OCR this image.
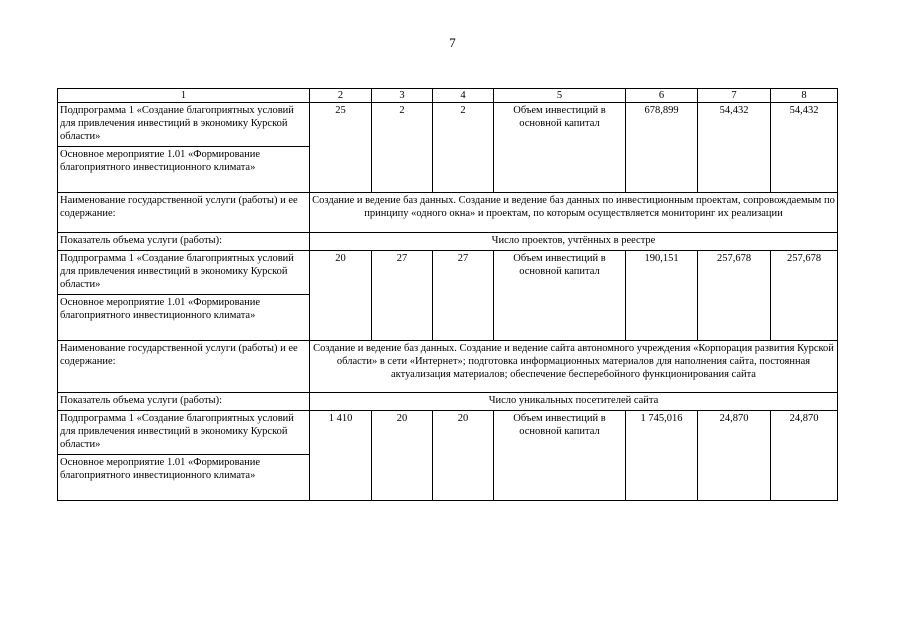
7
1	2	3	4	5	6	7	8
Подпрограмма 1 «Создание благоприятных условий для привлечения инвестиций в экономику Курской области»	25	2	2	Объем инвестиций в основной капитал	678,899	54,432	54,432
Основное мероприятие 1.01 «Формирование благоприятного инвестиционного климата»							
Наименование государственной услуги (работы) и ее содержание:	Создание и ведение баз данных. Создание и ведение баз данных по инвестиционным проектам, сопровождаемым по принципу «одного окна» и проектам, по которым осуществляется мониторинг их реализации						
Показатель объема услуги (работы):	Число проектов, учтённых в реестре						
Подпрограмма 1 «Создание благоприятных условий для привлечения инвестиций в экономику Курской области»	20	27	27	Объем инвестиций в основной капитал	190,151	257,678	257,678
Основное мероприятие 1.01 «Формирование благоприятного инвестиционного климата»							
Наименование государственной услуги (работы) и ее содержание:	Создание и ведение баз данных. Создание и ведение сайта автономного учреждения «Корпорация развития Курской области» в сети «Интернет»; подготовка информационных материалов для наполнения сайта, постоянная актуализация материалов; обеспечение бесперебойного функционирования сайта						
Показатель объема услуги (работы):	Число уникальных посетителей сайта						
Подпрограмма 1 «Создание благоприятных условий для привлечения инвестиций в экономику Курской области»	1 410	20	20	Объем инвестиций в основной капитал	1 745,016	24,870	24,870
Основное мероприятие 1.01 «Формирование благоприятного инвестиционного климата»							
